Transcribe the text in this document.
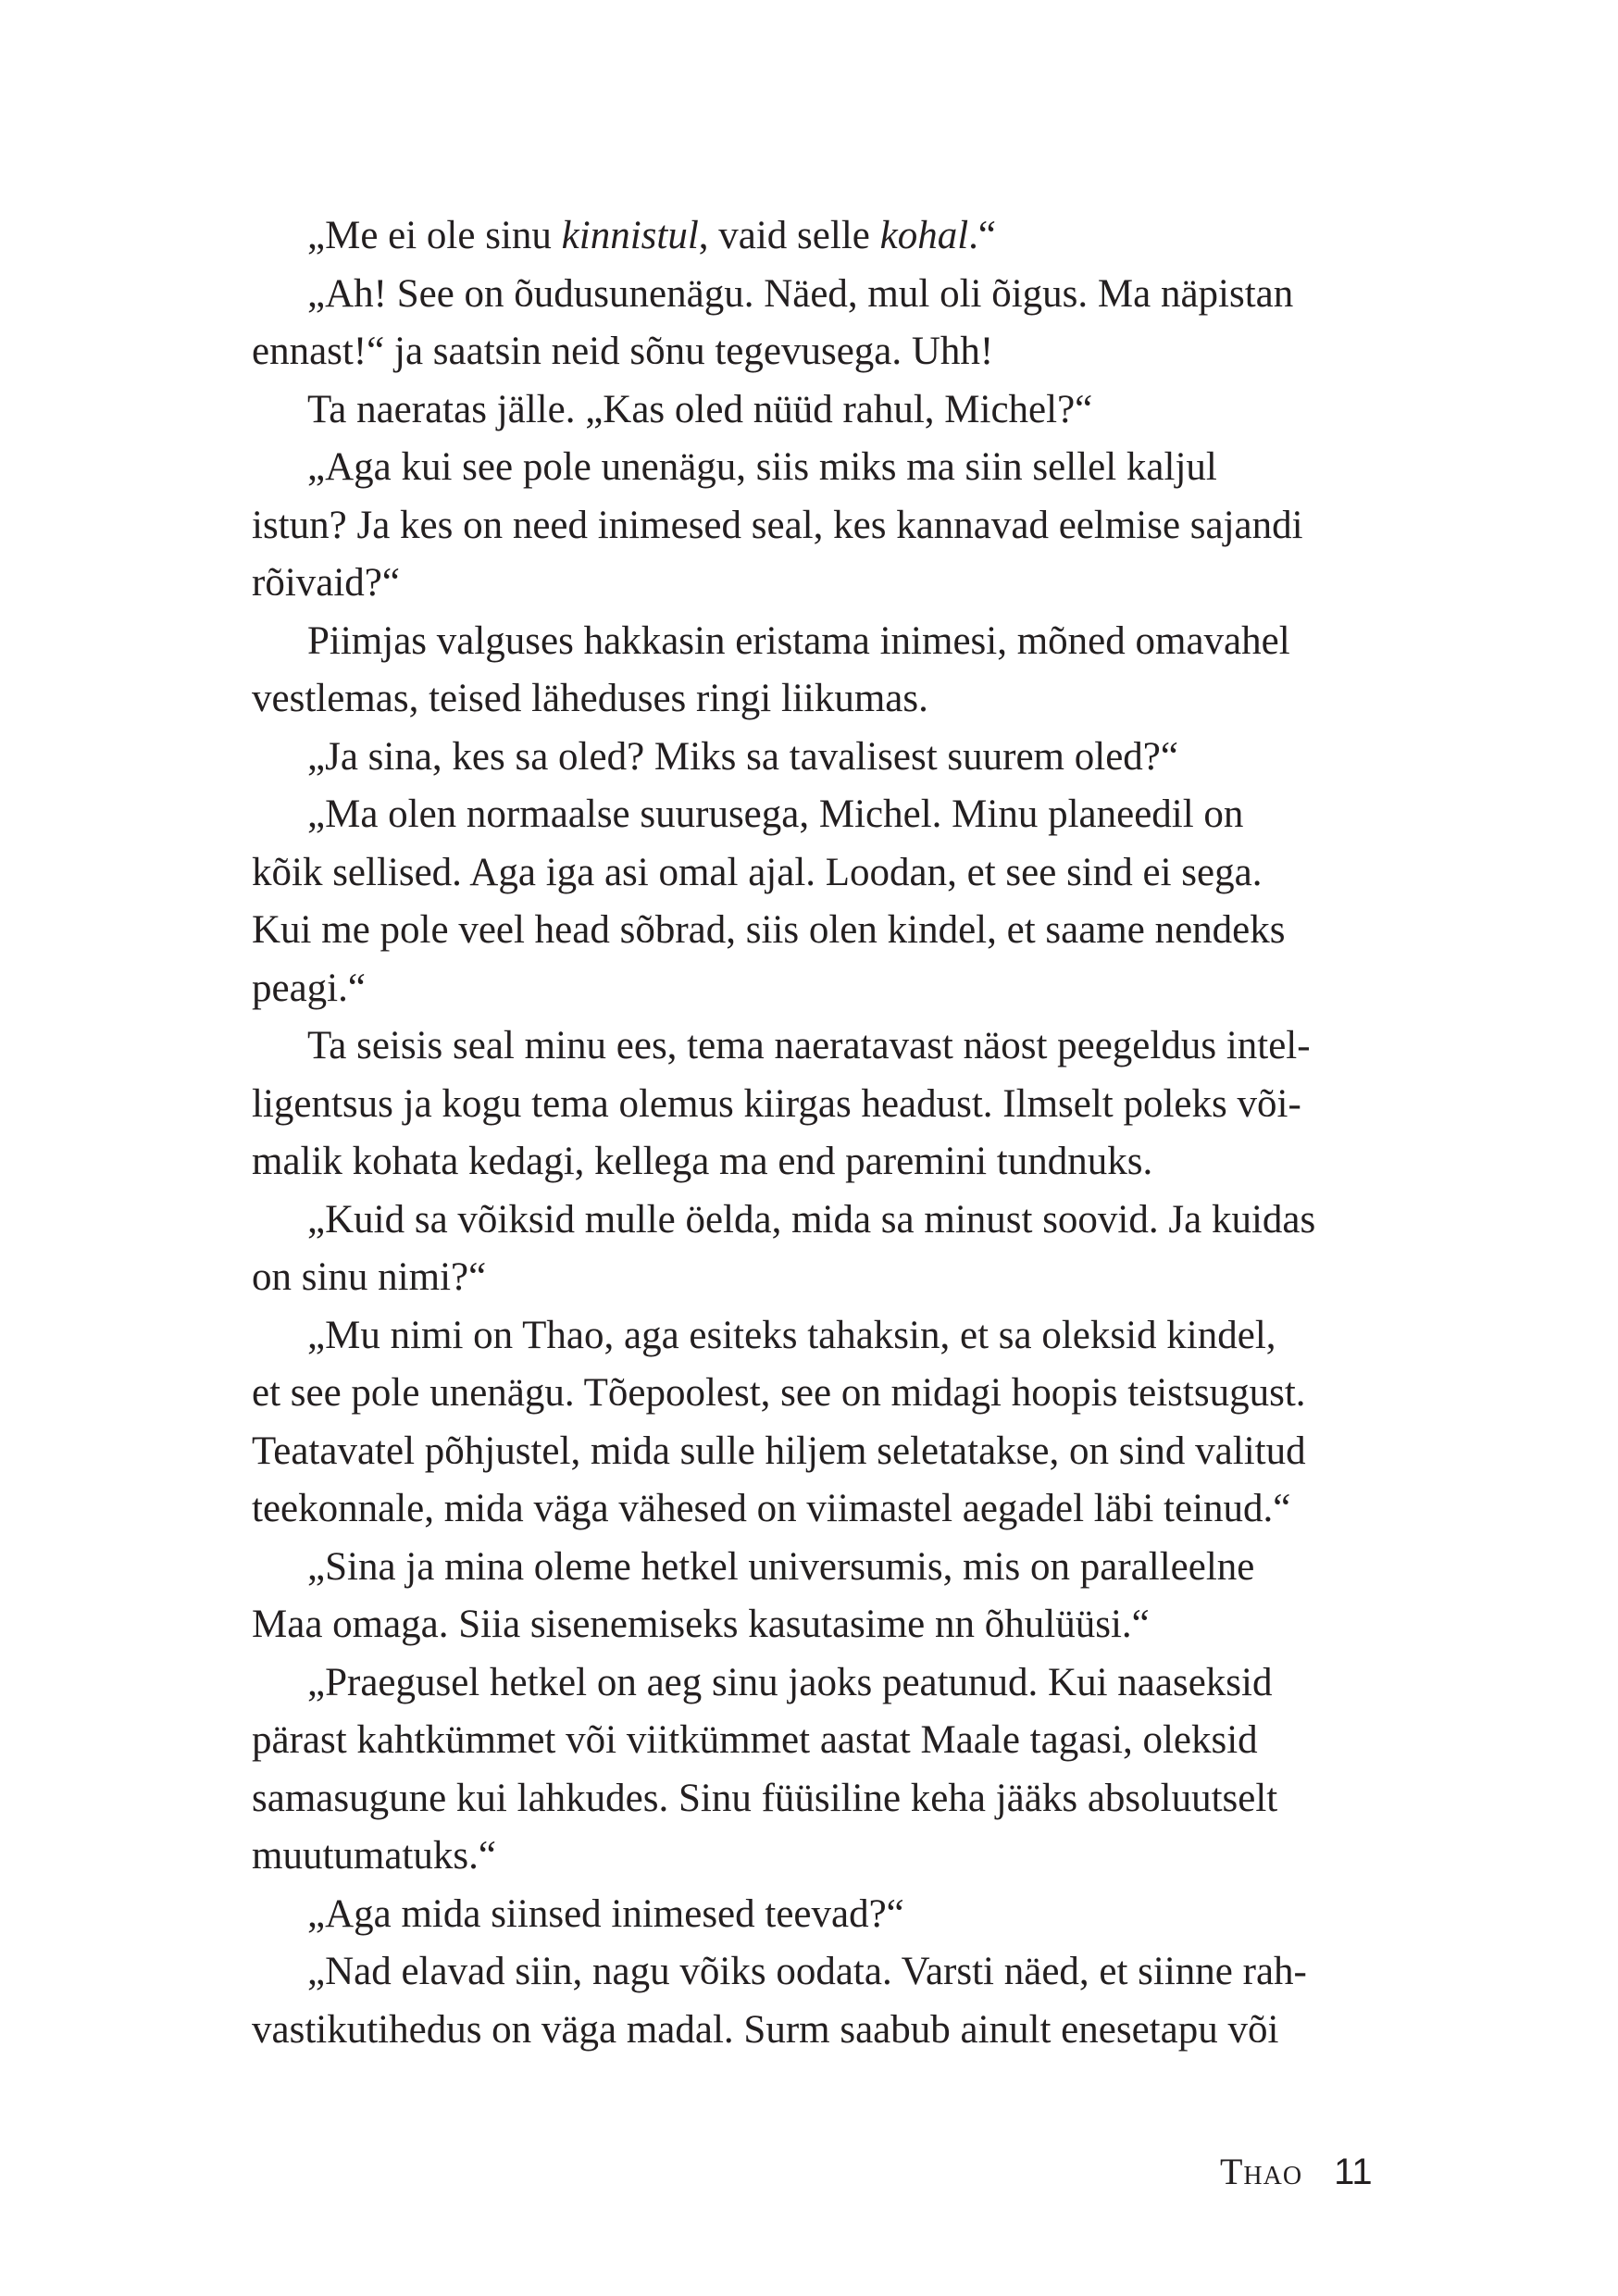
„Me ei ole sinu kinnistul, vaid selle kohal.“
„Ah! See on õudusunenägu. Näed, mul oli õigus. Ma näpistan
ennast!“ ja saatsin neid sõnu tegevusega. Uhh!
Ta naeratas jälle. „Kas oled nüüd rahul, Michel?“
„Aga kui see pole unenägu, siis miks ma siin sellel kaljul
istun? Ja kes on need inimesed seal, kes kannavad eelmise sajandi
rõivaid?“
Piimjas valguses hakkasin eristama inimesi, mõned omavahel
vestlemas, teised läheduses ringi liikumas.
„Ja sina, kes sa oled? Miks sa tavalisest suurem oled?“
„Ma olen normaalse suurusega, Michel. Minu planeedil on
kõik sellised. Aga iga asi omal ajal. Loodan, et see sind ei sega.
Kui me pole veel head sõbrad, siis olen kindel, et saame nendeks
peagi.“
Ta seisis seal minu ees, tema naeratavast näost peegeldus intel-
ligentsus ja kogu tema olemus kiirgas headust. Ilmselt poleks või-
malik kohata kedagi, kellega ma end paremini tundnuks.
„Kuid sa võiksid mulle öelda, mida sa minust soovid. Ja kuidas
on sinu nimi?“
„Mu nimi on Thao, aga esiteks tahaksin, et sa oleksid kindel,
et see pole unenägu. Tõepoolest, see on midagi hoopis teistsugust.
Teatavatel põhjustel, mida sulle hiljem seletatakse, on sind valitud
teekonnale, mida väga vähesed on viimastel aegadel läbi teinud.“
„Sina ja mina oleme hetkel universumis, mis on paralleelne
Maa omaga. Siia sisenemiseks kasutasime nn õhulüüsi.“
„Praegusel hetkel on aeg sinu jaoks peatunud. Kui naaseksid
pärast kahtkümmet või viitkümmet aastat Maale tagasi, oleksid
samasugune kui lahkudes. Sinu füüsiline keha jääks absoluutselt
muutumatuks.“
„Aga mida siinsed inimesed teevad?“
„Nad elavad siin, nagu võiks oodata. Varsti näed, et siinne rah-
vastikutihedus on väga madal. Surm saabub ainult enesetapu või
Thao 11
